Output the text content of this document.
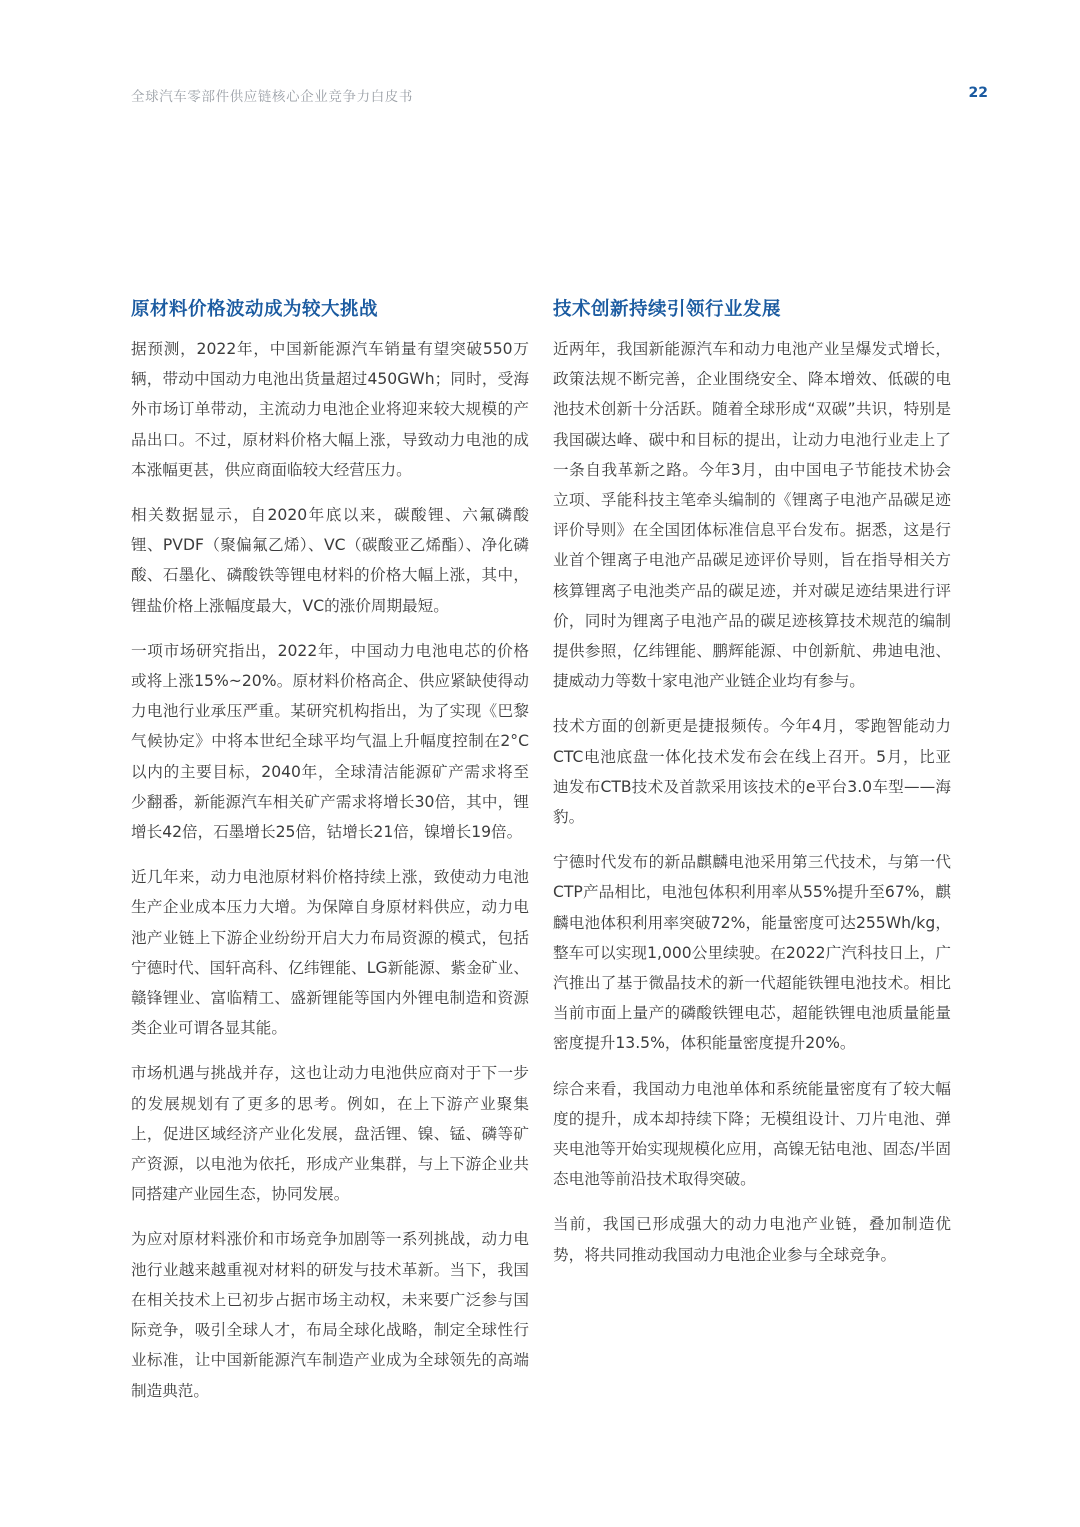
全球汽车零部件供应链核心企业竞争力白皮书	22
原材料价格波动成为较大挑战

据预测，2022年，中国新能源汽车销量有望突破550万辆，带动中国动力电池出货量超过450GWh；同时，受海外市场订单带动，主流动力电池企业将迎来较大规模的产品出口。不过，原材料价格大幅上涨，导致动力电池的成本涨幅更甚，供应商面临较大经营压力。

相关数据显示，自2020年底以来，碳酸锂、六氟磷酸锂、PVDF（聚偏氟乙烯）、VC（碳酸亚乙烯酯）、净化磷酸、石墨化、磷酸铁等锂电材料的价格大幅上涨，其中，锂盐价格上涨幅度最大，VC的涨价周期最短。

一项市场研究指出，2022年，中国动力电池电芯的价格或将上涨15%~20%。原材料价格高企、供应紧缺使得动力电池行业承压严重。某研究机构指出，为了实现《巴黎气候协定》中将本世纪全球平均气温上升幅度控制在2°C以内的主要目标，2040年，全球清洁能源矿产需求将至少翻番，新能源汽车相关矿产需求将增长30倍，其中，锂增长42倍，石墨增长25倍，钴增长21倍，镍增长19倍。

近几年来，动力电池原材料价格持续上涨，致使动力电池生产企业成本压力大增。为保障自身原材料供应，动力电池产业链上下游企业纷纷开启大力布局资源的模式，包括宁德时代、国轩高科、亿纬锂能、LG新能源、紫金矿业、赣锋锂业、富临精工、盛新锂能等国内外锂电制造和资源类企业可谓各显其能。

市场机遇与挑战并存，这也让动力电池供应商对于下一步的发展规划有了更多的思考。例如，在上下游产业聚集上，促进区域经济产业化发展，盘活锂、镍、锰、磷等矿产资源，以电池为依托，形成产业集群，与上下游企业共同搭建产业园生态，协同发展。

为应对原材料涨价和市场竞争加剧等一系列挑战，动力电池行业越来越重视对材料的研发与技术革新。当下，我国在相关技术上已初步占据市场主动权，未来要广泛参与国际竞争，吸引全球人才，布局全球化战略，制定全球性行业标准，让中国新能源汽车制造产业成为全球领先的高端制造典范。

技术创新持续引领行业发展

近两年，我国新能源汽车和动力电池产业呈爆发式增长，政策法规不断完善，企业围绕安全、降本增效、低碳的电池技术创新十分活跃。随着全球形成“双碳”共识，特别是我国碳达峰、碳中和目标的提出，让动力电池行业走上了一条自我革新之路。今年3月，由中国电子节能技术协会立项、孚能科技主笔牵头编制的《锂离子电池产品碳足迹评价导则》在全国团体标准信息平台发布。据悉，这是行业首个锂离子电池产品碳足迹评价导则，旨在指导相关方核算锂离子电池类产品的碳足迹，并对碳足迹结果进行评价，同时为锂离子电池产品的碳足迹核算技术规范的编制提供参照，亿纬锂能、鹏辉能源、中创新航、弗迪电池、捷威动力等数十家电池产业链企业均有参与。

技术方面的创新更是捷报频传。今年4月，零跑智能动力CTC电池底盘一体化技术发布会在线上召开。5月，比亚迪发布CTB技术及首款采用该技术的e平台3.0车型——海豹。

宁德时代发布的新品麒麟电池采用第三代技术，与第一代CTP产品相比，电池包体积利用率从55%提升至67%，麒麟电池体积利用率突破72%，能量密度可达255Wh/kg，整车可以实现1,000公里续驶。在2022广汽科技日上，广汽推出了基于微晶技术的新一代超能铁锂电池技术。相比当前市面上量产的磷酸铁锂电芯，超能铁锂电池质量能量密度提升13.5%，体积能量密度提升20%。

综合来看，我国动力电池单体和系统能量密度有了较大幅度的提升，成本却持续下降；无模组设计、刀片电池、弹夹电池等开始实现规模化应用，高镍无钴电池、固态/半固态电池等前沿技术取得突破。

当前，我国已形成强大的动力电池产业链，叠加制造优势，将共同推动我国动力电池企业参与全球竞争。
